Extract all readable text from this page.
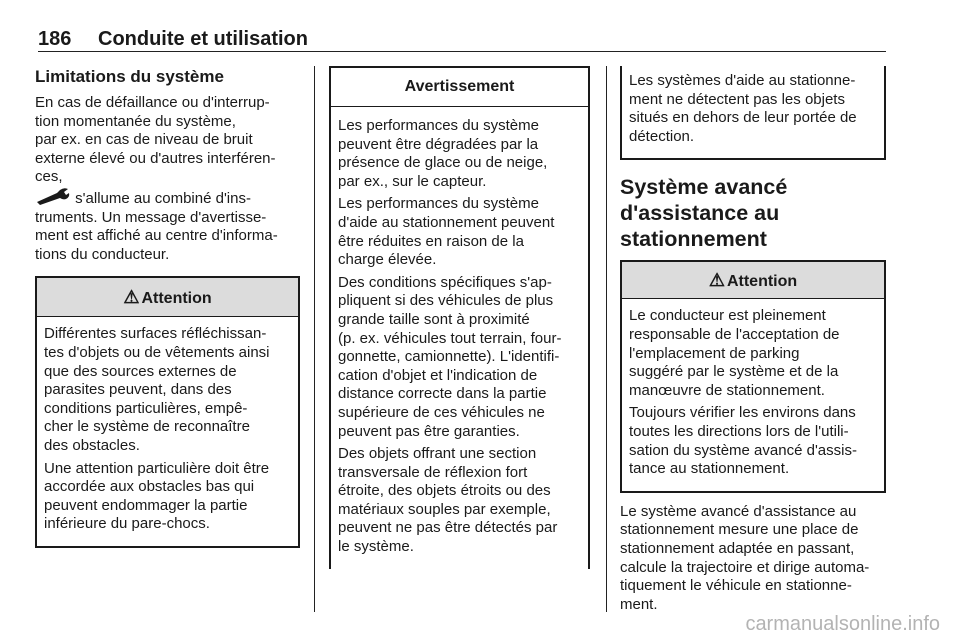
186 Conduite et utilisation
Limitations du système

En cas de défaillance ou d'interrup-
tion momentanée du système,
par ex. en cas de niveau de bruit
externe élevé ou d'autres interféren-
ces,
s'allume au combiné d'ins-
truments. Un message d'avertisse-
ment est affiché au centre d'informa-
tions du conducteur.

⚠ Attention

Différentes surfaces réfléchissan-
tes d'objets ou de vêtements ainsi
que des sources externes de
parasites peuvent, dans des
conditions particulières, empê-
cher le système de reconnaître
des obstacles.

Une attention particulière doit être
accordée aux obstacles bas qui
peuvent endommager la partie
inférieure du pare-chocs.

Avertissement

Les performances du système
peuvent être dégradées par la
présence de glace ou de neige,
par ex., sur le capteur.

Les performances du système
d'aide au stationnement peuvent
être réduites en raison de la
charge élevée.

Des conditions spécifiques s'ap-
pliquent si des véhicules de plus
grande taille sont à proximité
(p. ex. véhicules tout terrain, four-
gonnette, camionnette). L'identifi-
cation d'objet et l'indication de
distance correcte dans la partie
supérieure de ces véhicules ne
peuvent pas être garanties.

Des objets offrant une section
transversale de réflexion fort
étroite, des objets étroits ou des
matériaux souples par exemple,
peuvent ne pas être détectés par
le système.

Les systèmes d'aide au stationne-
ment ne détectent pas les objets
situés en dehors de leur portée de
détection.

Système avancé
d'assistance au
stationnement
⚠ Attention

Le conducteur est pleinement
responsable de l'acceptation de
l'emplacement de parking
suggéré par le système et de la
manœuvre de stationnement.

Toujours vérifier les environs dans
toutes les directions lors de l'utili-
sation du système avancé d'assis-
tance au stationnement.

Le système avancé d'assistance au
stationnement mesure une place de
stationnement adaptée en passant,
calcule la trajectoire et dirige automa-
tiquement le véhicule en stationne-
ment.

carmanualsonline.info
